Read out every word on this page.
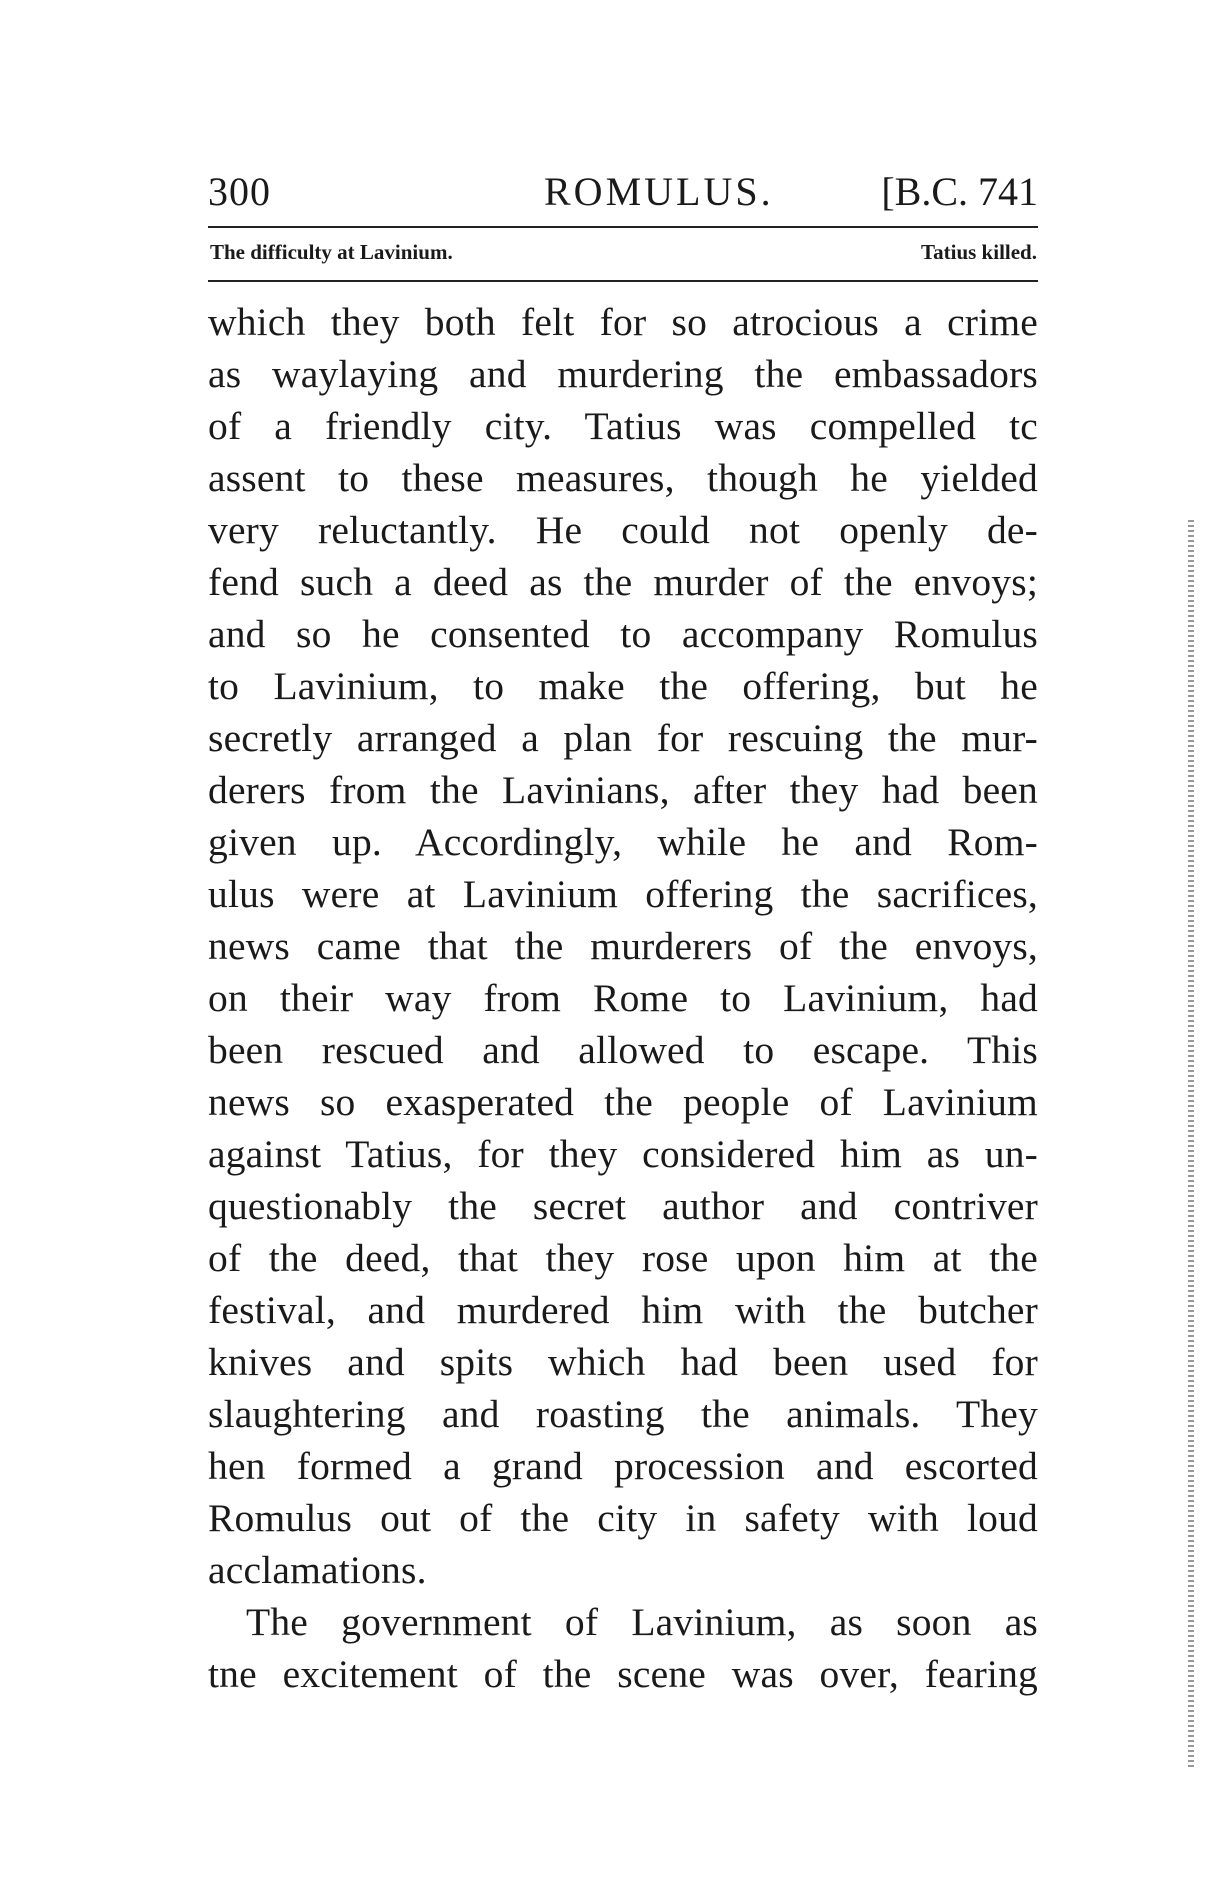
300	ROMULUS.	[B.C. 741
The difficulty at Lavinium.	Tatius killed.
which they both felt for so atrocious a crime
as waylaying and murdering the embassadors
of a friendly city. Tatius was compelled tc
assent to these measures, though he yielded
very reluctantly. He could not openly de-
fend such a deed as the murder of the envoys;
and so he consented to accompany Romulus
to Lavinium, to make the offering, but he
secretly arranged a plan for rescuing the mur-
derers from the Lavinians, after they had been
given up. Accordingly, while he and Rom-
ulus were at Lavinium offering the sacrifices,
news came that the murderers of the envoys,
on their way from Rome to Lavinium, had
been rescued and allowed to escape. This
news so exasperated the people of Lavinium
against Tatius, for they considered him as un-
questionably the secret author and contriver
of the deed, that they rose upon him at the
festival, and murdered him with the butcher
knives and spits which had been used for
slaughtering and roasting the animals. They
hen formed a grand procession and escorted
Romulus out of the city in safety with loud
acclamations.
The government of Lavinium, as soon as
tne excitement of the scene was over, fearing
